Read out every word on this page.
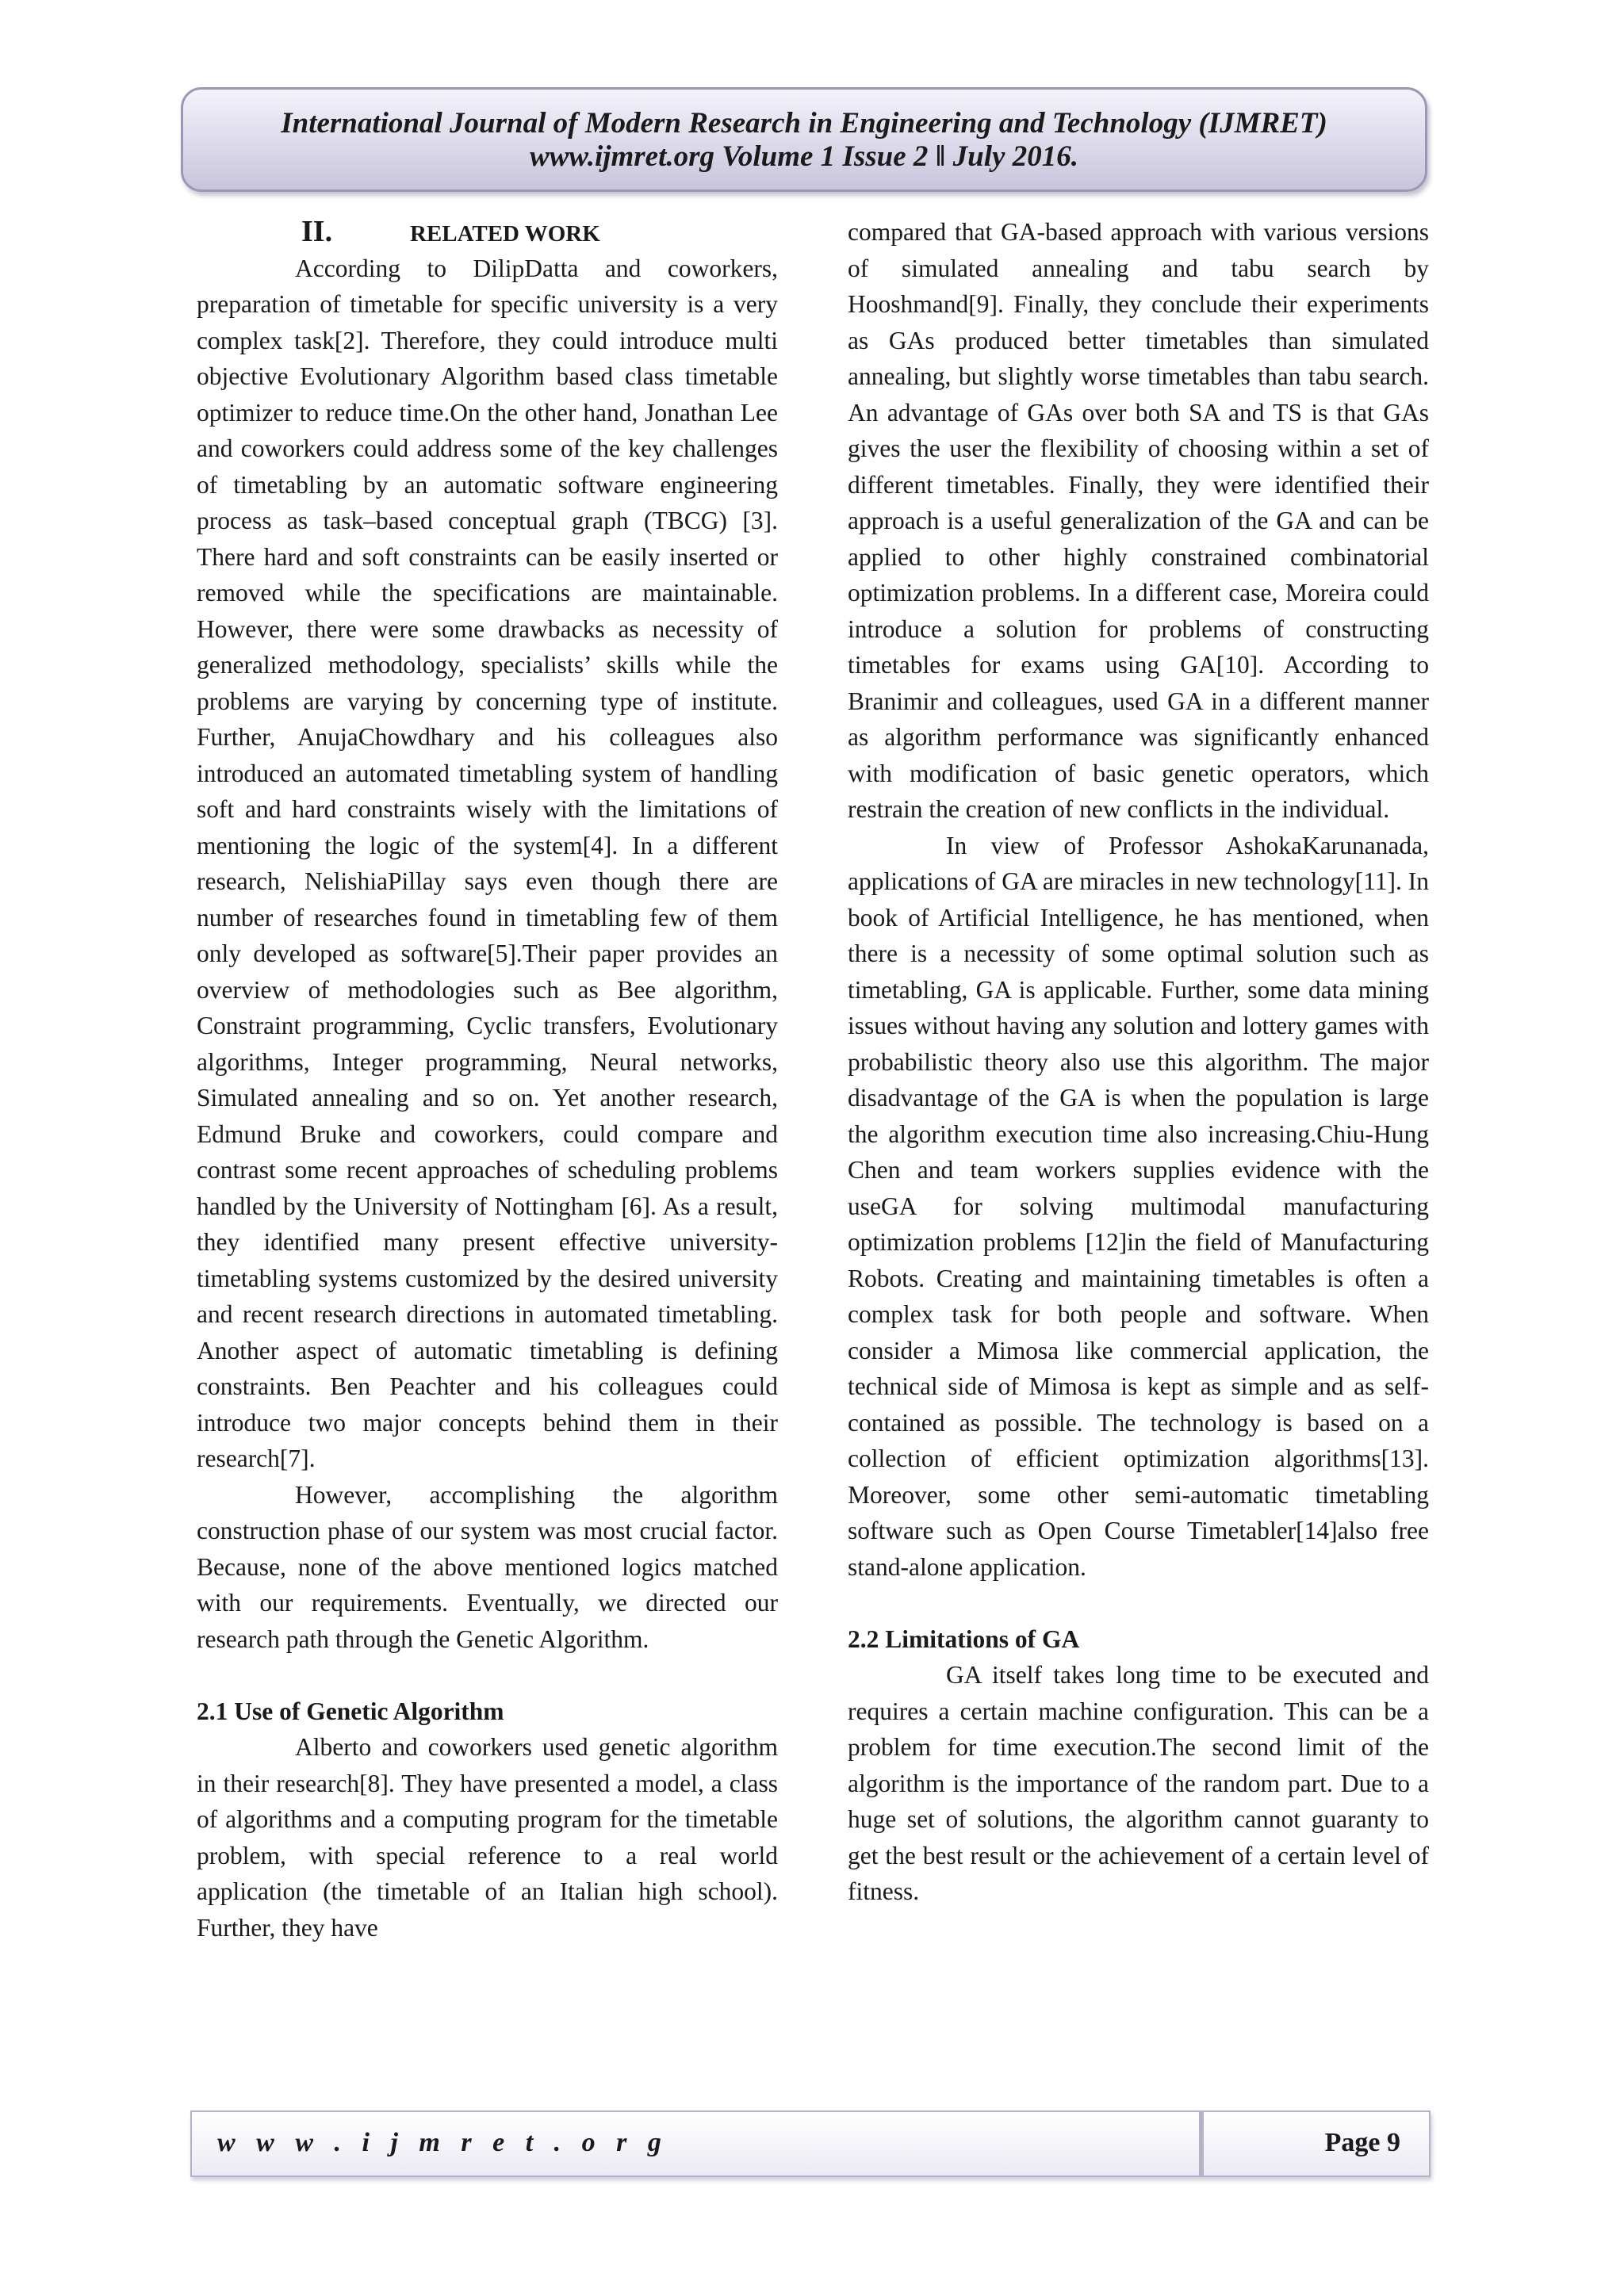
International Journal of Modern Research in Engineering and Technology (IJMRET)
www.ijmret.org Volume 1 Issue 2 ǁ July 2016.
II.	RELATED WORK

According to DilipDatta and coworkers, preparation of timetable for specific university is a very complex task[2]. Therefore, they could introduce multi objective Evolutionary Algorithm based class timetable optimizer to reduce time.On the other hand, Jonathan Lee and coworkers could address some of the key challenges of timetabling by an automatic software engineering process as task–based conceptual graph (TBCG) [3]. There hard and soft constraints can be easily inserted or removed while the specifications are maintainable. However, there were some drawbacks as necessity of generalized methodology, specialists’ skills while the problems are varying by concerning type of institute. Further, AnujaChowdhary and his colleagues also introduced an automated timetabling system of handling soft and hard constraints wisely with the limitations of mentioning the logic of the system[4]. In a different research, NelishiaPillay says even though there are number of researches found in timetabling few of them only developed as software[5].Their paper provides an overview of methodologies such as Bee algorithm, Constraint programming, Cyclic transfers, Evolutionary algorithms, Integer programming, Neural networks, Simulated annealing and so on. Yet another research, Edmund Bruke and coworkers, could compare and contrast some recent approaches of scheduling problems handled by the University of Nottingham [6]. As a result, they identified many present effective university-timetabling systems customized by the desired university and recent research directions in automated timetabling. Another aspect of automatic timetabling is defining constraints. Ben Peachter and his colleagues could introduce two major concepts behind them in their research[7].

However, accomplishing the algorithm construction phase of our system was most crucial factor. Because, none of the above mentioned logics matched with our requirements. Eventually, we directed our research path through the Genetic Algorithm.

2.1 Use of Genetic Algorithm

Alberto and coworkers used genetic algorithm in their research[8]. They have presented a model, a class of algorithms and a computing program for the timetable problem, with special reference to a real world application (the timetable of an Italian high school). Further, they have

compared that GA-based approach with various versions of simulated annealing and tabu search by Hooshmand[9]. Finally, they conclude their experiments as GAs produced better timetables than simulated annealing, but slightly worse timetables than tabu search. An advantage of GAs over both SA and TS is that GAs gives the user the flexibility of choosing within a set of different timetables. Finally, they were identified their approach is a useful generalization of the GA and can be applied to other highly constrained combinatorial optimization problems. In a different case, Moreira could introduce a solution for problems of constructing timetables for exams using GA[10]. According to Branimir and colleagues, used GA in a different manner as algorithm performance was significantly enhanced with modification of basic genetic operators, which restrain the creation of new conflicts in the individual.

In view of Professor AshokaKarunanada, applications of GA are miracles in new technology[11]. In book of Artificial Intelligence, he has mentioned, when there is a necessity of some optimal solution such as timetabling, GA is applicable. Further, some data mining issues without having any solution and lottery games with probabilistic theory also use this algorithm. The major disadvantage of the GA is when the population is large the algorithm execution time also increasing.Chiu-Hung Chen and team workers supplies evidence with the useGA for solving multimodal manufacturing optimization problems [12]in the field of Manufacturing Robots. Creating and maintaining timetables is often a complex task for both people and software. When consider a Mimosa like commercial application, the technical side of Mimosa is kept as simple and as self-contained as possible. The technology is based on a collection of efficient optimization algorithms[13]. Moreover, some other semi-automatic timetabling software such as Open Course Timetabler[14]also free stand-alone application.

2.2 Limitations of GA

GA itself takes long time to be executed and requires a certain machine configuration. This can be a problem for time execution.The second limit of the algorithm is the importance of the random part. Due to a huge set of solutions, the algorithm cannot guaranty to get the best result or the achievement of a certain level of fitness.

w w w . i j m r e t . o r g	Page 9
